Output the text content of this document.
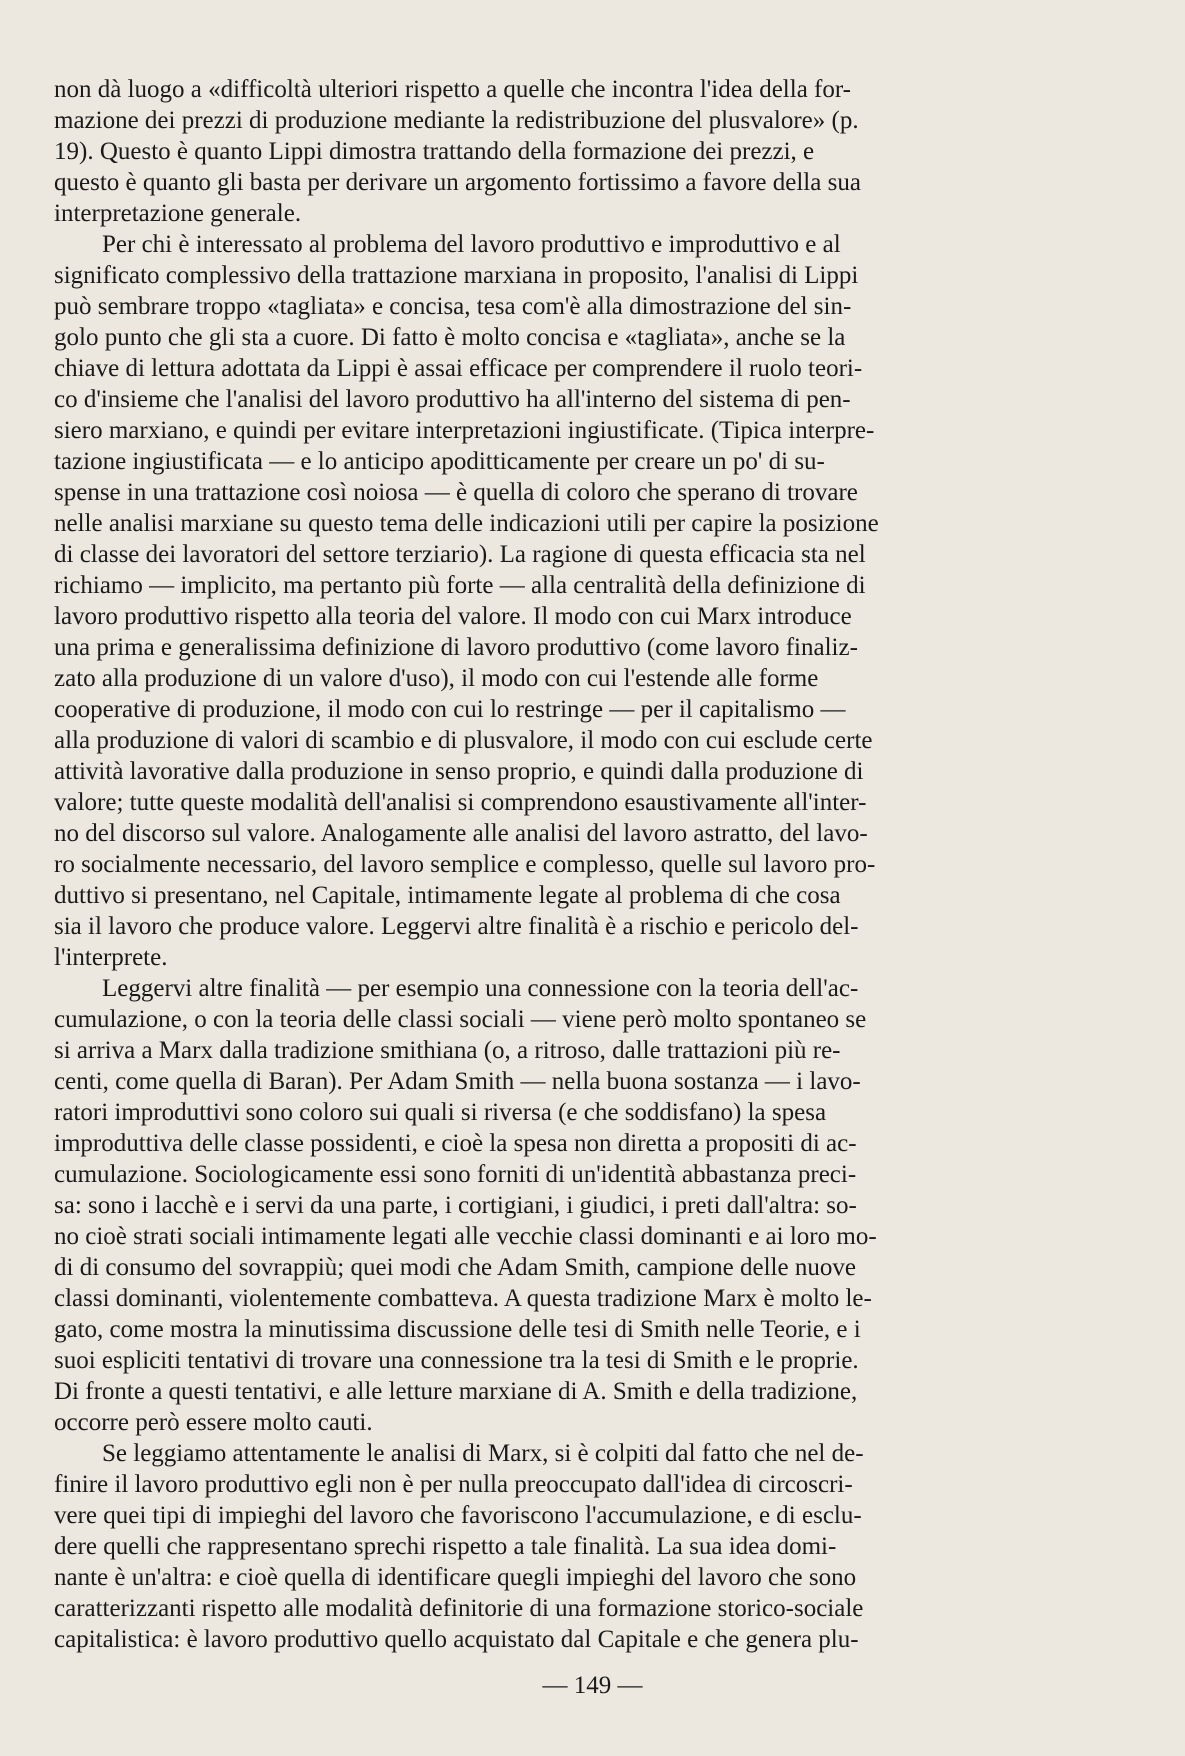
non dà luogo a «difficoltà ulteriori rispetto a quelle che incontra l'idea della for-
mazione dei prezzi di produzione mediante la redistribuzione del plusvalore» (p.
19). Questo è quanto Lippi dimostra trattando della formazione dei prezzi, e
questo è quanto gli basta per derivare un argomento fortissimo a favore della sua
interpretazione generale.
Per chi è interessato al problema del lavoro produttivo e improduttivo e al
significato complessivo della trattazione marxiana in proposito, l'analisi di Lippi
può sembrare troppo «tagliata» e concisa, tesa com'è alla dimostrazione del sin-
golo punto che gli sta a cuore. Di fatto è molto concisa e «tagliata», anche se la
chiave di lettura adottata da Lippi è assai efficace per comprendere il ruolo teori-
co d'insieme che l'analisi del lavoro produttivo ha all'interno del sistema di pen-
siero marxiano, e quindi per evitare interpretazioni ingiustificate. (Tipica interpre-
tazione ingiustificata — e lo anticipo apoditticamente per creare un po' di su-
spense in una trattazione così noiosa — è quella di coloro che sperano di trovare
nelle analisi marxiane su questo tema delle indicazioni utili per capire la posizione
di classe dei lavoratori del settore terziario). La ragione di questa efficacia sta nel
richiamo — implicito, ma pertanto più forte — alla centralità della definizione di
lavoro produttivo rispetto alla teoria del valore. Il modo con cui Marx introduce
una prima e generalissima definizione di lavoro produttivo (come lavoro finaliz-
zato alla produzione di un valore d'uso), il modo con cui l'estende alle forme
cooperative di produzione, il modo con cui lo restringe — per il capitalismo —
alla produzione di valori di scambio e di plusvalore, il modo con cui esclude certe
attività lavorative dalla produzione in senso proprio, e quindi dalla produzione di
valore; tutte queste modalità dell'analisi si comprendono esaustivamente all'inter-
no del discorso sul valore. Analogamente alle analisi del lavoro astratto, del lavo-
ro socialmente necessario, del lavoro semplice e complesso, quelle sul lavoro pro-
duttivo si presentano, nel Capitale, intimamente legate al problema di che cosa
sia il lavoro che produce valore. Leggervi altre finalità è a rischio e pericolo del-
l'interprete.
Leggervi altre finalità — per esempio una connessione con la teoria dell'ac-
cumulazione, o con la teoria delle classi sociali — viene però molto spontaneo se
si arriva a Marx dalla tradizione smithiana (o, a ritroso, dalle trattazioni più re-
centi, come quella di Baran). Per Adam Smith — nella buona sostanza — i lavo-
ratori improduttivi sono coloro sui quali si riversa (e che soddisfano) la spesa
improduttiva delle classe possidenti, e cioè la spesa non diretta a propositi di ac-
cumulazione. Sociologicamente essi sono forniti di un'identità abbastanza preci-
sa: sono i lacchè e i servi da una parte, i cortigiani, i giudici, i preti dall'altra: so-
no cioè strati sociali intimamente legati alle vecchie classi dominanti e ai loro mo-
di di consumo del sovrappiù; quei modi che Adam Smith, campione delle nuove
classi dominanti, violentemente combatteva. A questa tradizione Marx è molto le-
gato, come mostra la minutissima discussione delle tesi di Smith nelle Teorie, e i
suoi espliciti tentativi di trovare una connessione tra la tesi di Smith e le proprie.
Di fronte a questi tentativi, e alle letture marxiane di A. Smith e della tradizione,
occorre però essere molto cauti.
Se leggiamo attentamente le analisi di Marx, si è colpiti dal fatto che nel de-
finire il lavoro produttivo egli non è per nulla preoccupato dall'idea di circoscri-
vere quei tipi di impieghi del lavoro che favoriscono l'accumulazione, e di esclu-
dere quelli che rappresentano sprechi rispetto a tale finalità. La sua idea domi-
nante è un'altra: e cioè quella di identificare quegli impieghi del lavoro che sono
caratterizzanti rispetto alle modalità definitorie di una formazione storico-sociale
capitalistica: è lavoro produttivo quello acquistato dal Capitale e che genera plu-
— 149 —
